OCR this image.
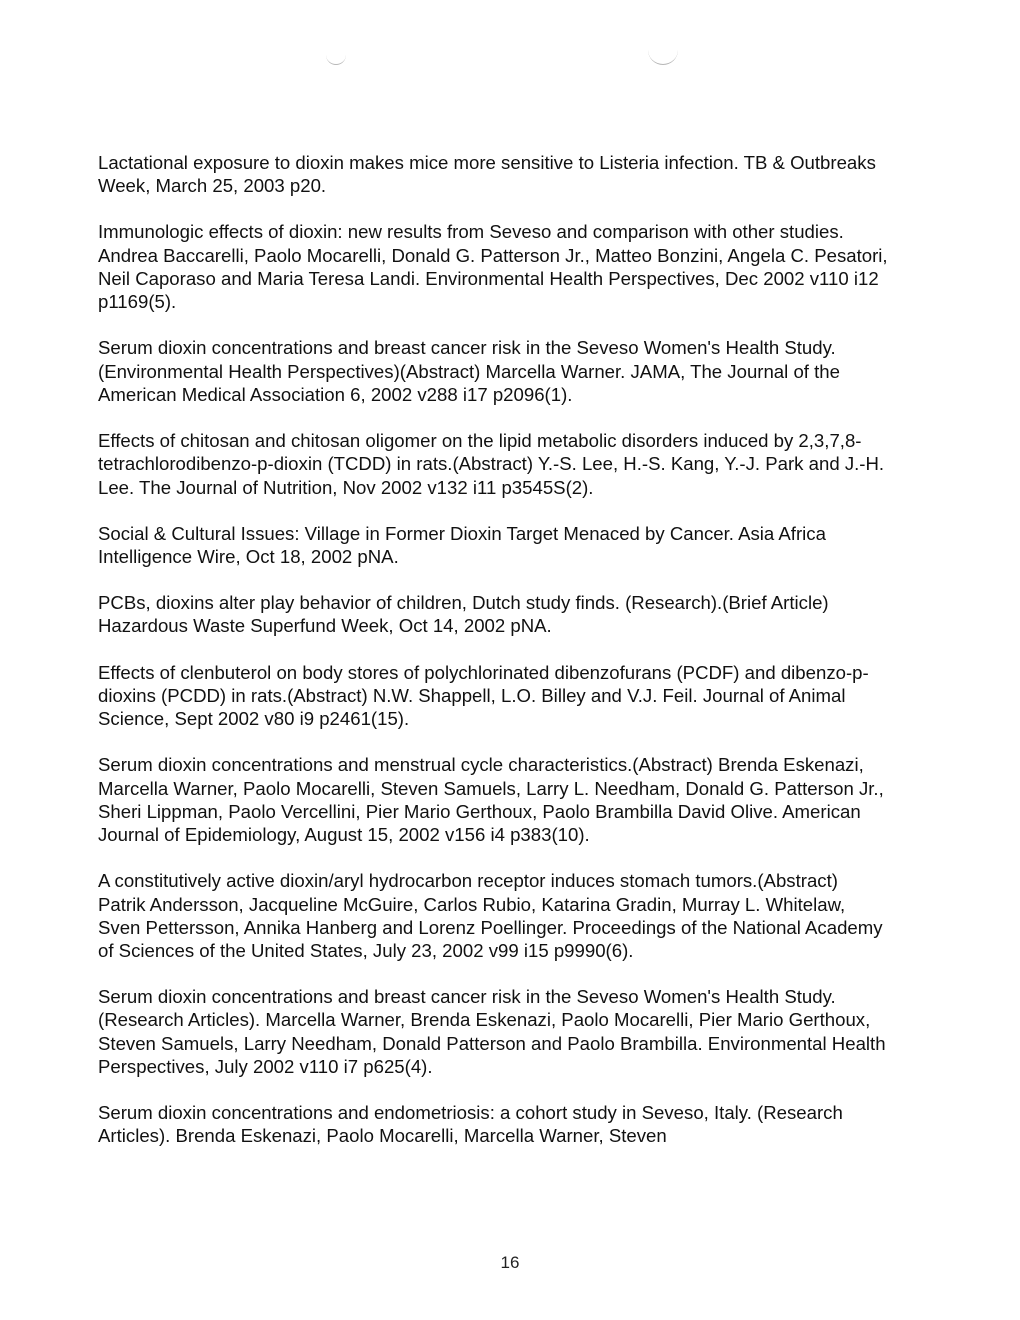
Lactational exposure to dioxin makes mice more sensitive to Listeria infection. TB & Outbreaks Week, March 25, 2003 p20.
Immunologic effects of dioxin: new results from Seveso and comparison with other studies. Andrea Baccarelli, Paolo Mocarelli, Donald G. Patterson Jr., Matteo Bonzini, Angela C. Pesatori, Neil Caporaso and Maria Teresa Landi. Environmental Health Perspectives, Dec 2002 v110 i12 p1169(5).
Serum dioxin concentrations and breast cancer risk in the Seveso Women's Health Study.(Environmental Health Perspectives)(Abstract) Marcella Warner. JAMA, The Journal of the American Medical Association 6, 2002 v288 i17 p2096(1).
Effects of chitosan and chitosan oligomer on the lipid metabolic disorders induced by 2,3,7,8-tetrachlorodibenzo-p-dioxin (TCDD) in rats.(Abstract) Y.-S. Lee, H.-S. Kang, Y.-J. Park and J.-H. Lee. The Journal of Nutrition, Nov 2002 v132 i11 p3545S(2).
Social & Cultural Issues: Village in Former Dioxin Target Menaced by Cancer. Asia Africa Intelligence Wire, Oct 18, 2002 pNA.
PCBs, dioxins alter play behavior of children, Dutch study finds. (Research).(Brief Article) Hazardous Waste Superfund Week, Oct 14, 2002 pNA.
Effects of clenbuterol on body stores of polychlorinated dibenzofurans (PCDF) and dibenzo-p-dioxins (PCDD) in rats.(Abstract) N.W. Shappell, L.O. Billey and V.J. Feil. Journal of Animal Science, Sept 2002 v80 i9 p2461(15).
Serum dioxin concentrations and menstrual cycle characteristics.(Abstract) Brenda Eskenazi, Marcella Warner, Paolo Mocarelli, Steven Samuels, Larry L. Needham, Donald G. Patterson Jr., Sheri Lippman, Paolo Vercellini, Pier Mario Gerthoux, Paolo Brambilla David Olive. American Journal of Epidemiology, August 15, 2002 v156 i4 p383(10).
A constitutively active dioxin/aryl hydrocarbon receptor induces stomach tumors.(Abstract) Patrik Andersson, Jacqueline McGuire, Carlos Rubio, Katarina Gradin, Murray L. Whitelaw, Sven Pettersson, Annika Hanberg and Lorenz Poellinger. Proceedings of the National Academy of Sciences of the United States, July 23, 2002 v99 i15 p9990(6).
Serum dioxin concentrations and breast cancer risk in the Seveso Women's Health Study. (Research Articles). Marcella Warner, Brenda Eskenazi, Paolo Mocarelli, Pier Mario Gerthoux, Steven Samuels, Larry Needham, Donald Patterson and Paolo Brambilla. Environmental Health Perspectives, July 2002 v110 i7 p625(4).
Serum dioxin concentrations and endometriosis: a cohort study in Seveso, Italy. (Research Articles). Brenda Eskenazi, Paolo Mocarelli, Marcella Warner, Steven
16
